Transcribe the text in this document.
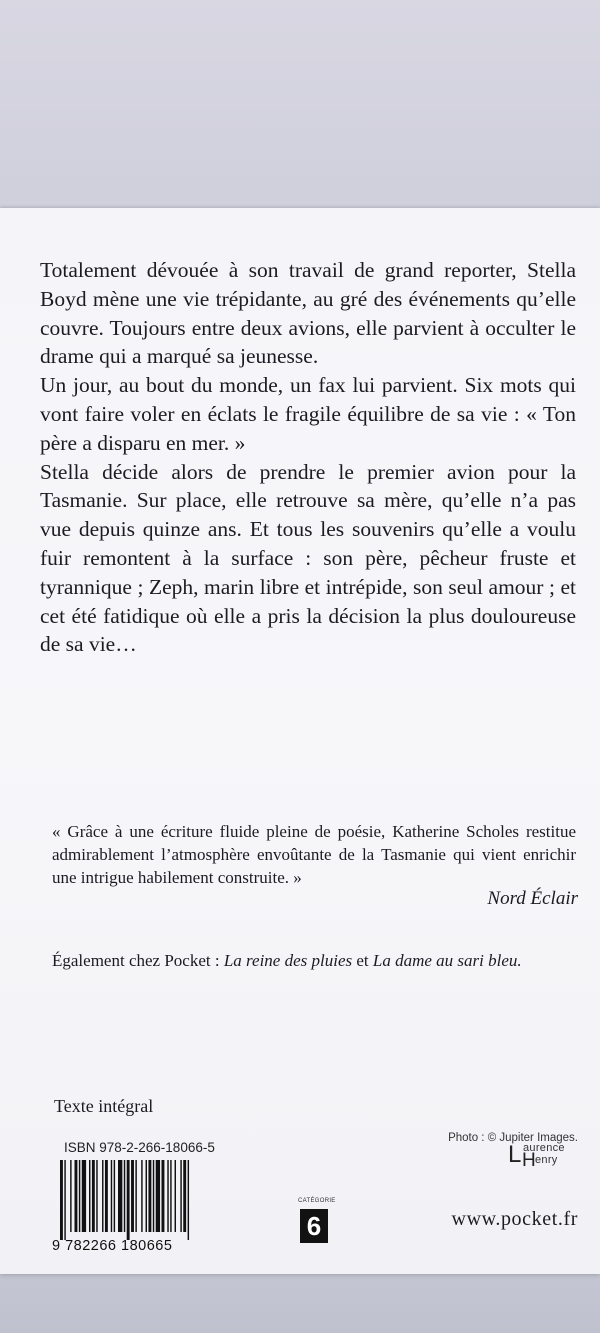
Totalement dévouée à son travail de grand reporter, Stella Boyd mène une vie trépidante, au gré des événements qu’elle couvre. Toujours entre deux avions, elle parvient à occulter le drame qui a marqué sa jeunesse.

Un jour, au bout du monde, un fax lui parvient. Six mots qui vont faire voler en éclats le fragile équilibre de sa vie : « Ton père a disparu en mer. »

Stella décide alors de prendre le premier avion pour la Tasmanie. Sur place, elle retrouve sa mère, qu’elle n’a pas vue depuis quinze ans. Et tous les souvenirs qu’elle a voulu fuir remontent à la surface : son père, pêcheur fruste et tyrannique ; Zeph, marin libre et intrépide, son seul amour ; et cet été fatidique où elle a pris la décision la plus douloureuse de sa vie…

« Grâce à une écriture fluide pleine de poésie, Katherine Scholes restitue admirablement l’atmosphère envoûtante de la Tasmanie qui vient enrichir une intrigue habilement construite. »
Nord Éclair
Également chez Pocket : La reine des pluies et La dame au sari bleu.
Texte intégral
ISBN 978-2-266-18066-5
9 782266 180665
CATÉGORIE
6
Photo : © Jupiter Images.
L aurence
H enry
www.pocket.fr
